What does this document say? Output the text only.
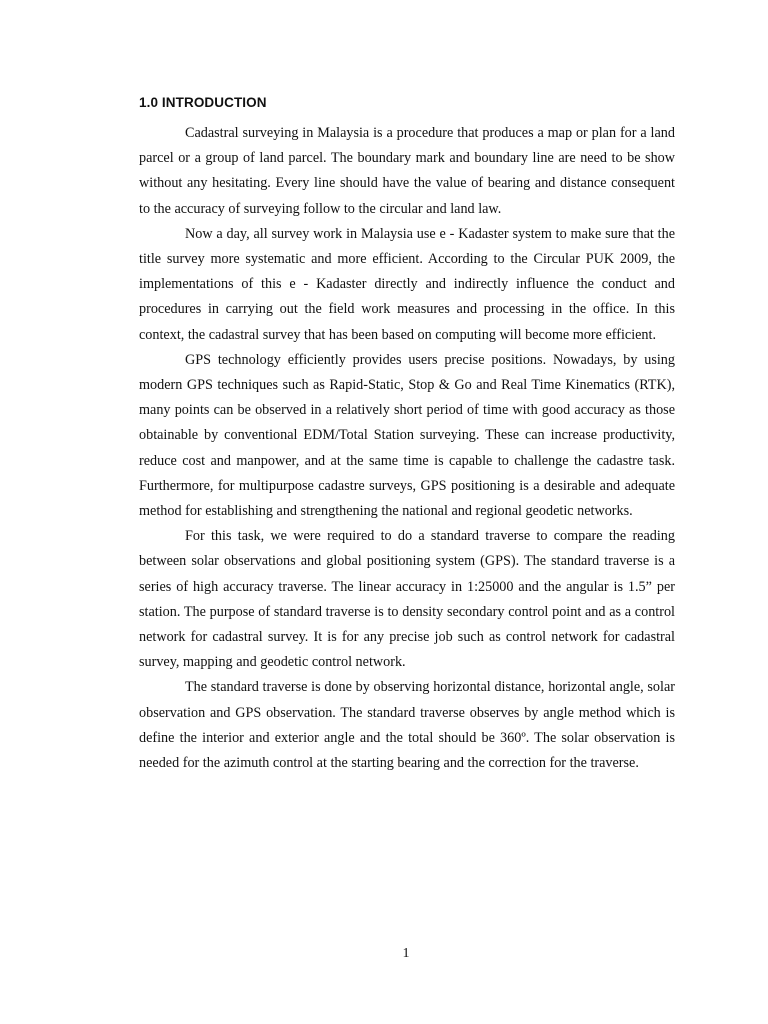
1.0 INTRODUCTION

Cadastral surveying in Malaysia is a procedure that produces a map or plan for a land parcel or a group of land parcel. The boundary mark and boundary line are need to be show without any hesitating. Every line should have the value of bearing and distance consequent to the accuracy of surveying follow to the circular and land law.

Now a day, all survey work in Malaysia use e - Kadaster system to make sure that the title survey more systematic and more efficient. According to the Circular PUK 2009, the implementations of this e - Kadaster directly and indirectly influence the conduct and procedures in carrying out the field work measures and processing in the office. In this context, the cadastral survey that has been based on computing will become more efficient.

GPS technology efficiently provides users precise positions. Nowadays, by using modern GPS techniques such as Rapid-Static, Stop & Go and Real Time Kinematics (RTK), many points can be observed in a relatively short period of time with good accuracy as those obtainable by conventional EDM/Total Station surveying. These can increase productivity, reduce cost and manpower, and at the same time is capable to challenge the cadastre task. Furthermore, for multipurpose cadastre surveys, GPS positioning is a desirable and adequate method for establishing and strengthening the national and regional geodetic networks.

For this task, we were required to do a standard traverse to compare the reading between solar observations and global positioning system (GPS). The standard traverse is a series of high accuracy traverse. The linear accuracy in 1:25000 and the angular is 1.5” per station. The purpose of standard traverse is to density secondary control point and as a control network for cadastral survey. It is for any precise job such as control network for cadastral survey, mapping and geodetic control network.

The standard traverse is done by observing horizontal distance, horizontal angle, solar observation and GPS observation. The standard traverse observes by angle method which is define the interior and exterior angle and the total should be 360º. The solar observation is needed for the azimuth control at the starting bearing and the correction for the traverse.

1
